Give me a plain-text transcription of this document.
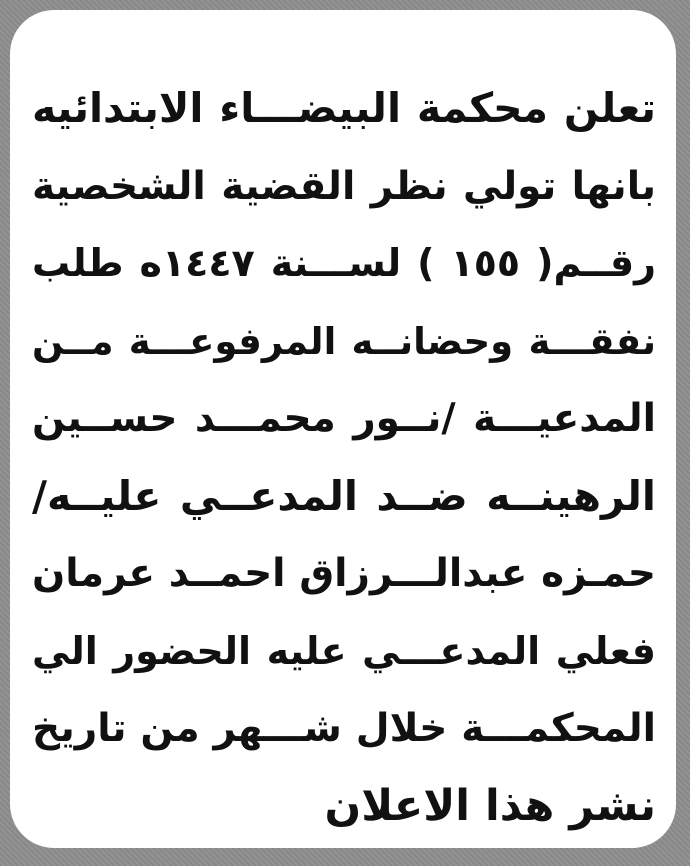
تعلن محكمة البيضـــاء الابتدائيه
بانها تولي نظر القضية الشخصية
رقــم( ١٥٥ ) لســـنة ١٤٤٧ه طلب
نفقـــة وحضانــه المرفوعـــة مــن
المدعيـــة /نــور محمـــد حســين
الرهينــه ضــد المدعــي عليــه/
حمـزه عبدالـــرزاق احمــد عرمان
فعلي المدعـــي عليه الحضور الي
المحكمـــة خلال شـــهر من تاريخ
نشر هذا الاعلان
